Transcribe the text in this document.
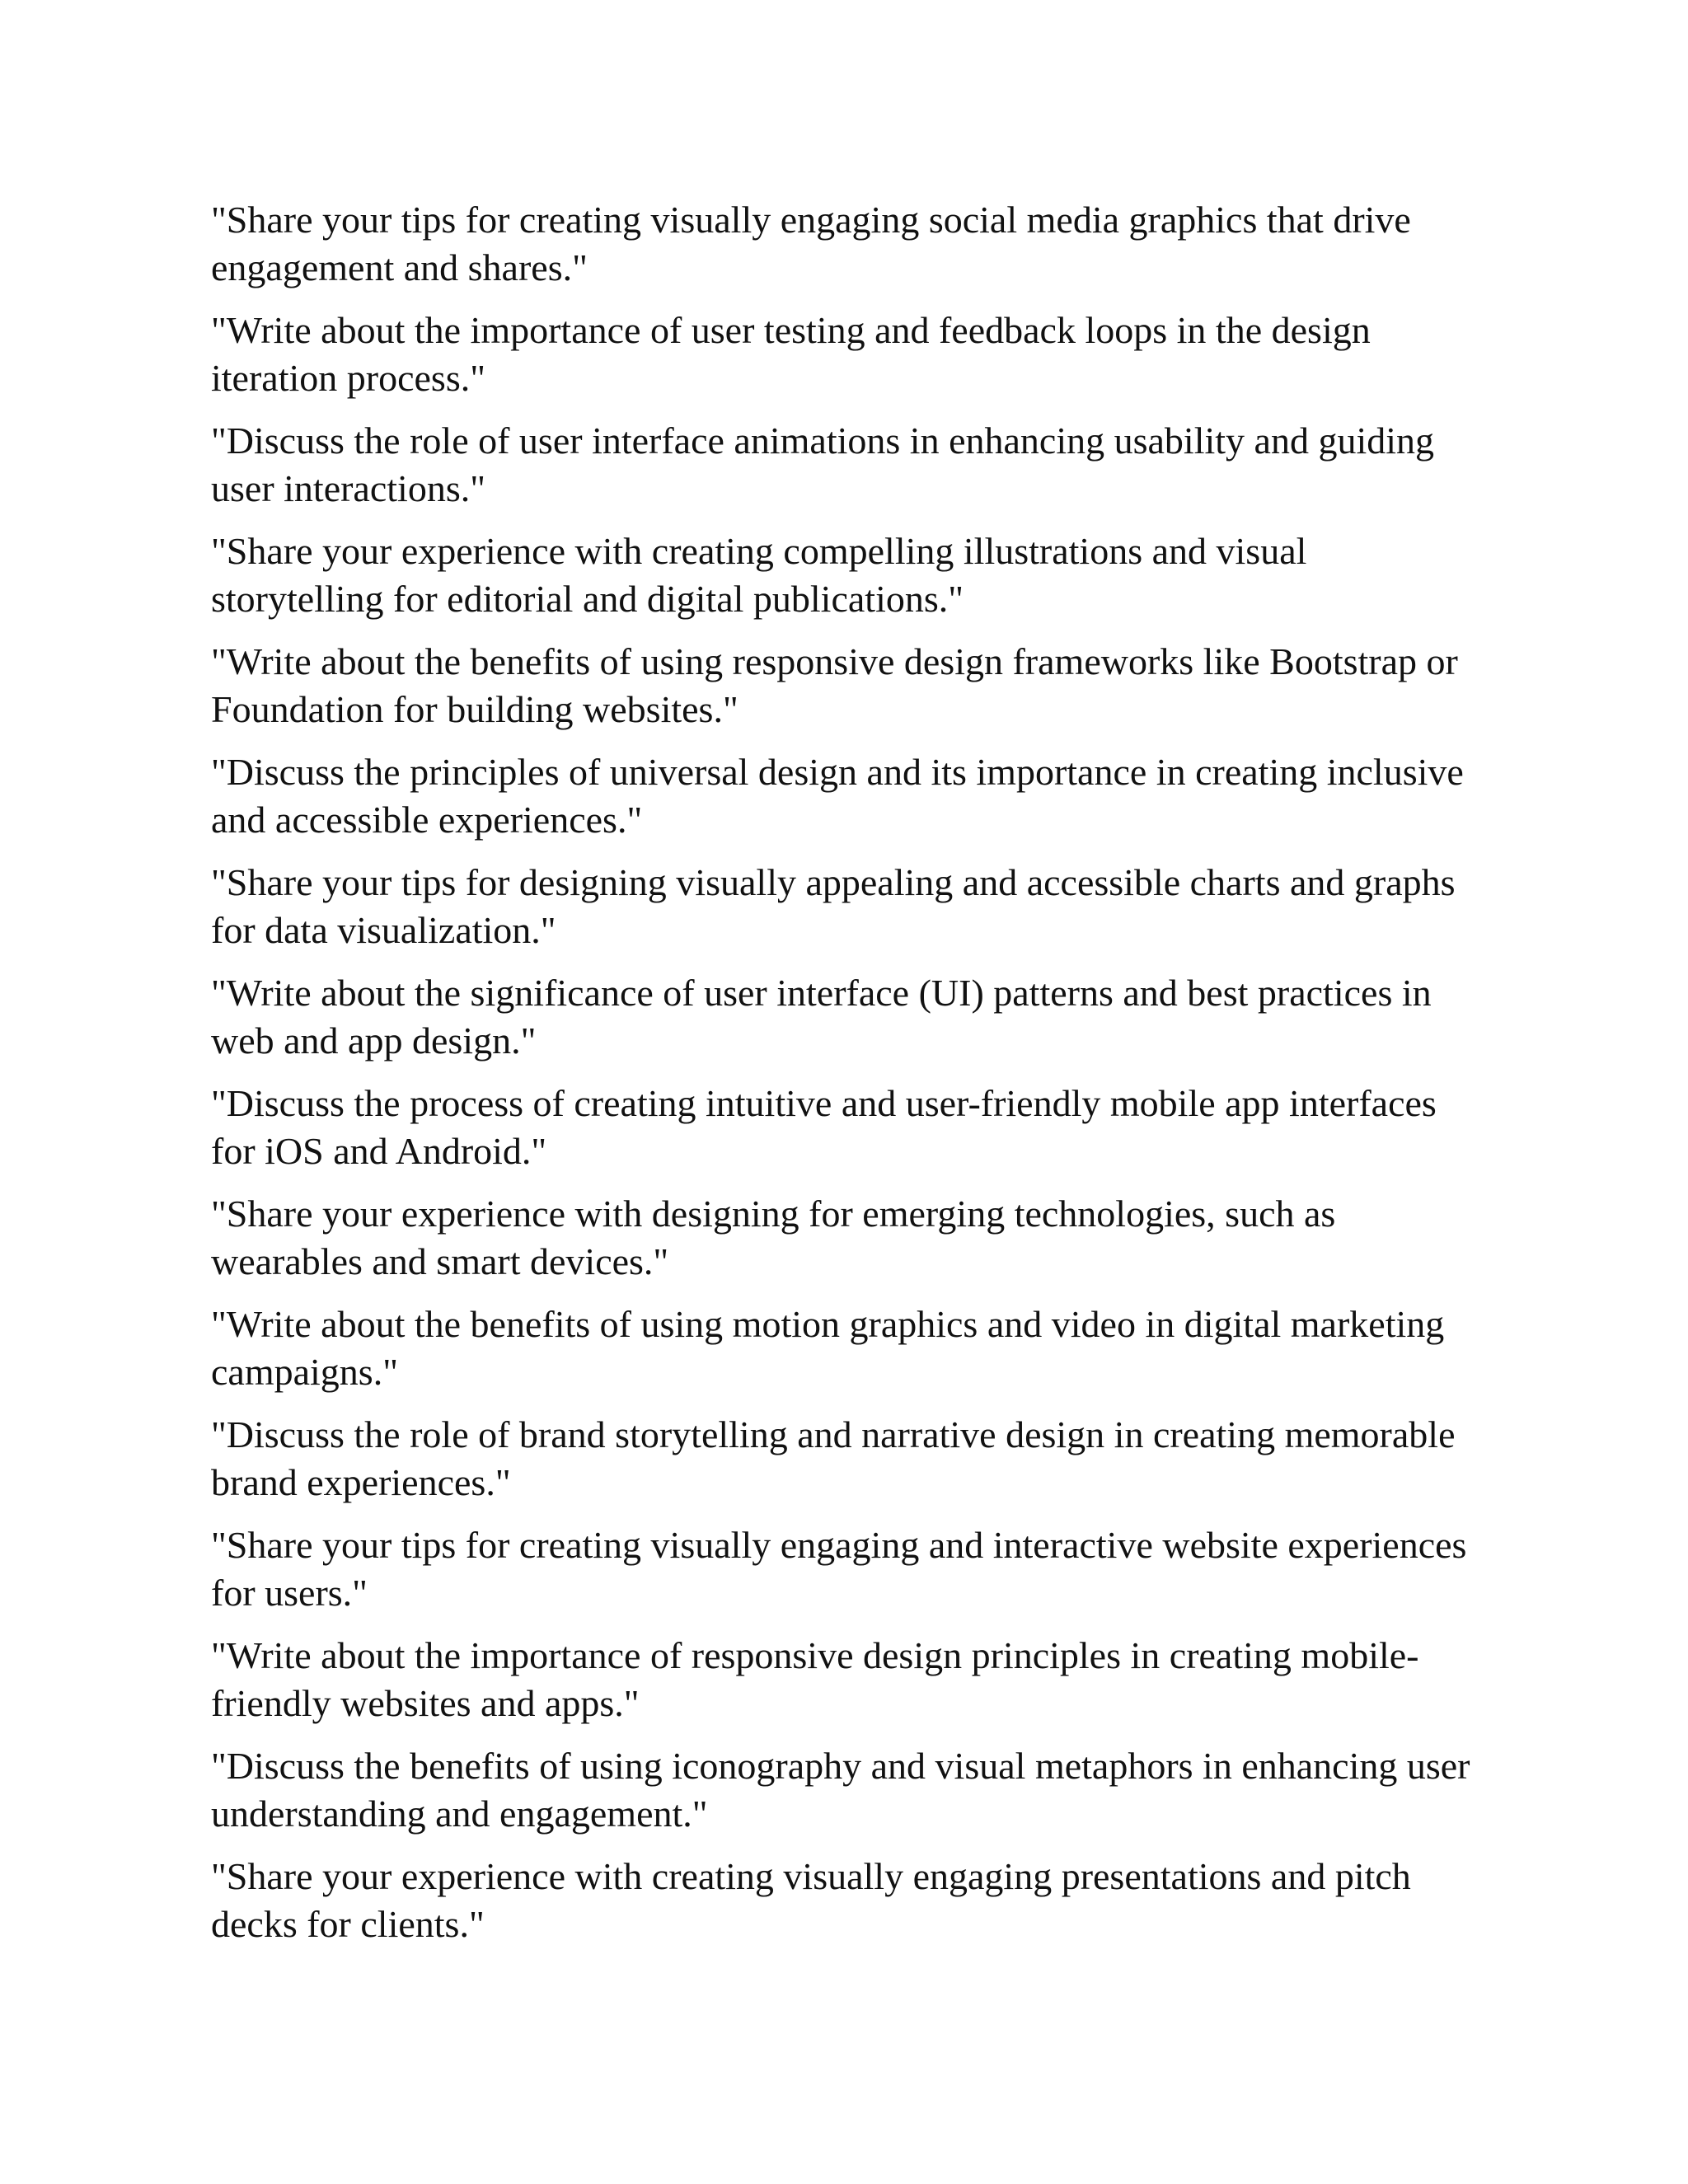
"Share your tips for creating visually engaging social media graphics that drive engagement and shares."

"Write about the importance of user testing and feedback loops in the design iteration process."

"Discuss the role of user interface animations in enhancing usability and guiding user interactions."

"Share your experience with creating compelling illustrations and visual storytelling for editorial and digital publications."

"Write about the benefits of using responsive design frameworks like Bootstrap or Foundation for building websites."

"Discuss the principles of universal design and its importance in creating inclusive and accessible experiences."

"Share your tips for designing visually appealing and accessible charts and graphs for data visualization."

"Write about the significance of user interface (UI) patterns and best practices in web and app design."

"Discuss the process of creating intuitive and user-friendly mobile app interfaces for iOS and Android."

"Share your experience with designing for emerging technologies, such as wearables and smart devices."

"Write about the benefits of using motion graphics and video in digital marketing campaigns."

"Discuss the role of brand storytelling and narrative design in creating memorable brand experiences."

"Share your tips for creating visually engaging and interactive website experiences for users."

"Write about the importance of responsive design principles in creating mobile-friendly websites and apps."

"Discuss the benefits of using iconography and visual metaphors in enhancing user understanding and engagement."

"Share your experience with creating visually engaging presentations and pitch decks for clients."
